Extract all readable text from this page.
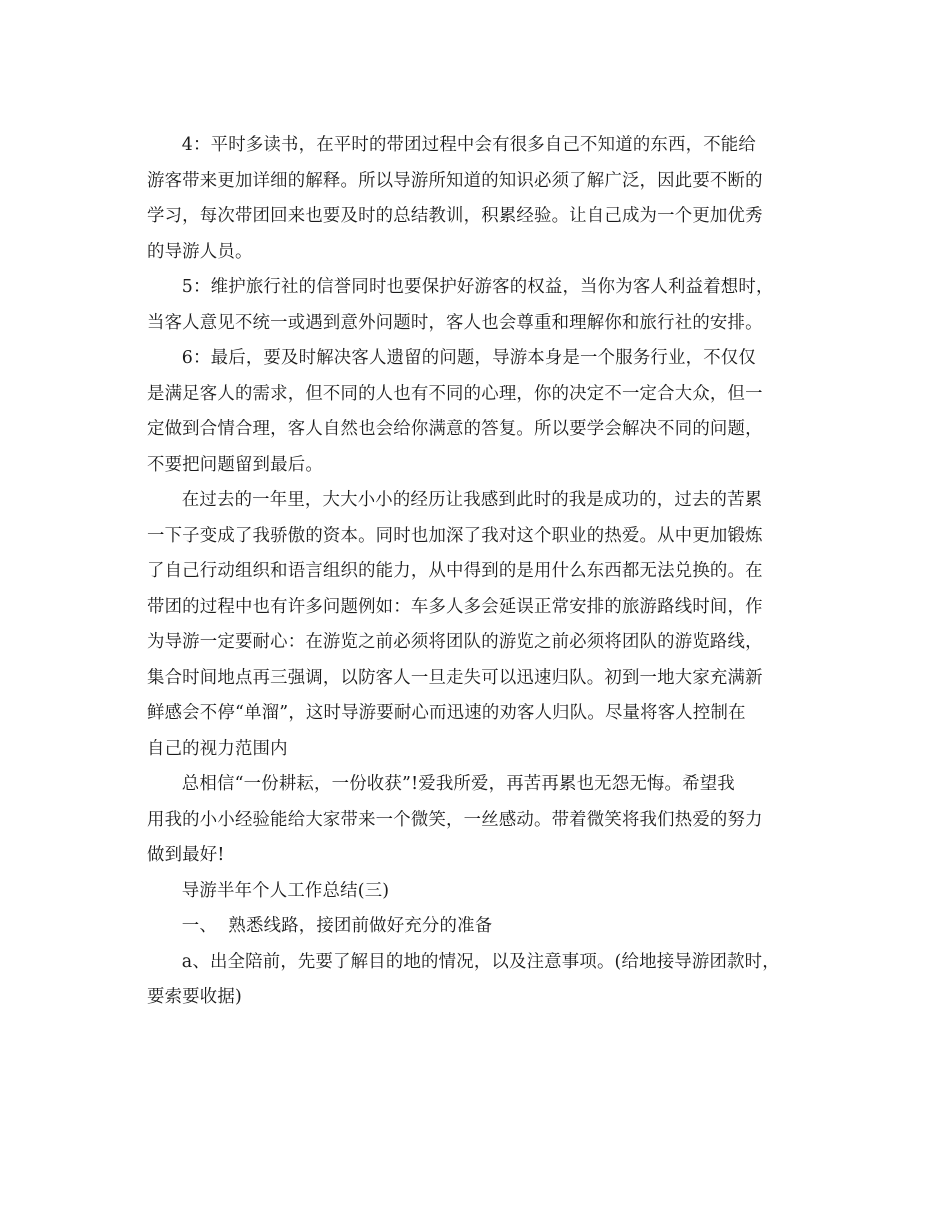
4：平时多读书，在平时的带团过程中会有很多自己不知道的东西，不能给
游客带来更加详细的解释。所以导游所知道的知识必须了解广泛，因此要不断的
学习，每次带团回来也要及时的总结教训，积累经验。让自己成为一个更加优秀
的导游人员。

5：维护旅行社的信誉同时也要保护好游客的权益，当你为客人利益着想时，
当客人意见不统一或遇到意外问题时，客人也会尊重和理解你和旅行社的安排。

6：最后，要及时解决客人遗留的问题，导游本身是一个服务行业，不仅仅
是满足客人的需求，但不同的人也有不同的心理，你的决定不一定合大众，但一
定做到合情合理，客人自然也会给你满意的答复。所以要学会解决不同的问题，
不要把问题留到最后。

在过去的一年里，大大小小的经历让我感到此时的我是成功的，过去的苦累
一下子变成了我骄傲的资本。同时也加深了我对这个职业的热爱。从中更加锻炼
了自己行动组织和语言组织的能力，从中得到的是用什么东西都无法兑换的。在
带团的过程中也有许多问题例如：车多人多会延误正常安排的旅游路线时间，作
为导游一定要耐心：在游览之前必须将团队的游览之前必须将团队的游览路线，
集合时间地点再三强调，以防客人一旦走失可以迅速归队。初到一地大家充满新
鲜感会不停“单溜”，这时导游要耐心而迅速的劝客人归队。尽量将客人控制在
自己的视力范围内

总相信“一份耕耘，一份收获”!爱我所爱，再苦再累也无怨无悔。希望我
用我的小小经验能给大家带来一个微笑，一丝感动。带着微笑将我们热爱的努力
做到最好!

导游半年个人工作总结(三)

一、  熟悉线路，接团前做好充分的准备

a、出全陪前，先要了解目的地的情况，以及注意事项。(给地接导游团款时，
要索要收据)
